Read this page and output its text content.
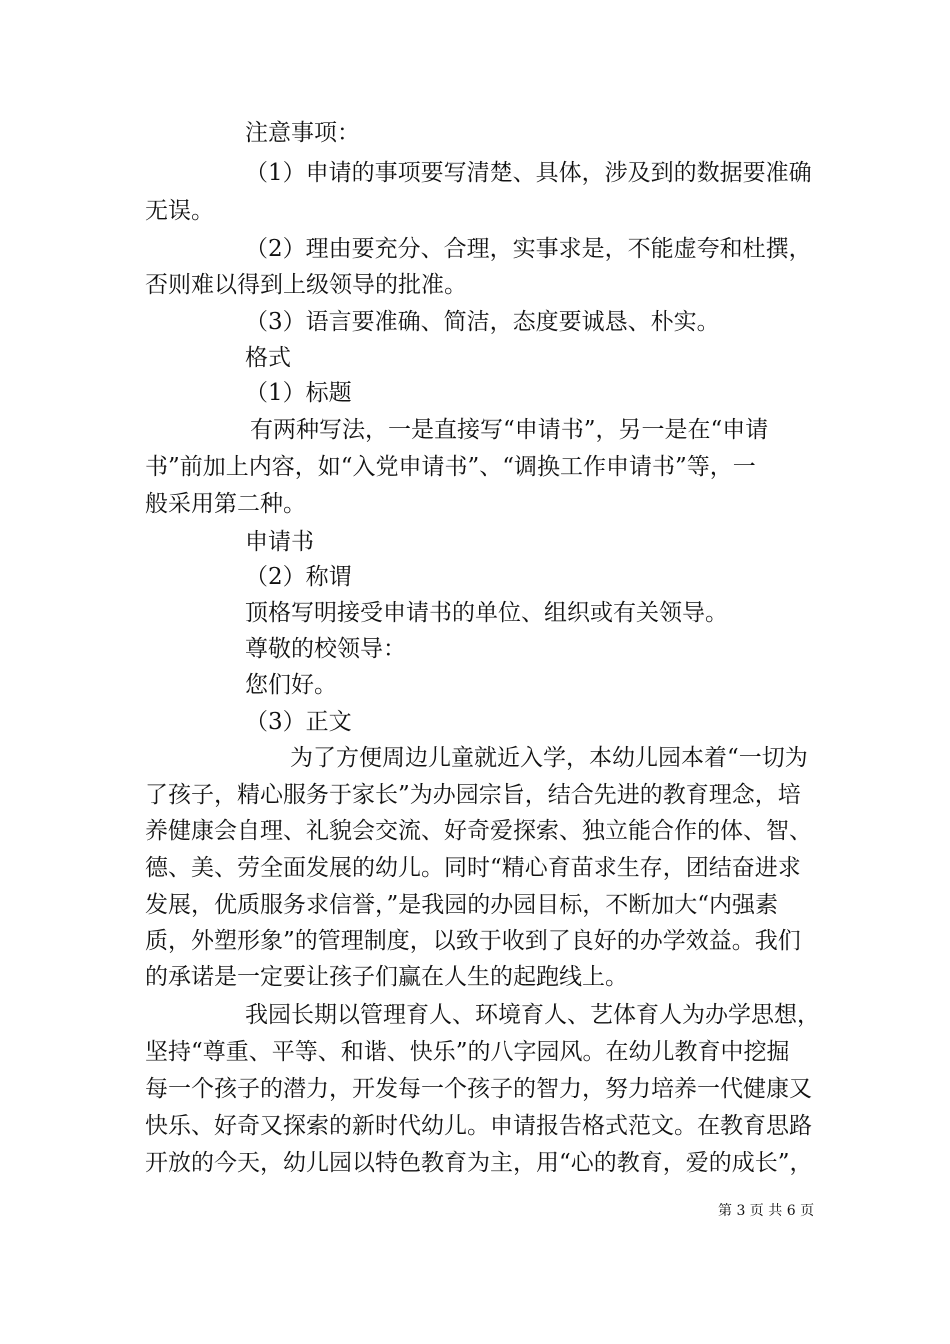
注意事项：

（1）申请的事项要写清楚、具体，涉及到的数据要准确

无误。

（2）理由要充分、合理，实事求是，不能虚夸和杜撰，

否则难以得到上级领导的批准。

（3）语言要准确、简洁，态度要诚恳、朴实。

格式

（1）标题

有两种写法，一是直接写“申请书”，另一是在“申请

书”前加上内容，如“入党申请书”、“调换工作申请书”等，一

般采用第二种。

申请书

（2）称谓

顶格写明接受申请书的单位、组织或有关领导。

尊敬的校领导：

您们好。

（3）正文

为了方便周边儿童就近入学，本幼儿园本着“一切为

了孩子，精心服务于家长”为办园宗旨，结合先进的教育理念，培

养健康会自理、礼貌会交流、好奇爱探索、独立能合作的体、智、

德、美、劳全面发展的幼儿。同时“精心育苗求生存，团结奋进求

发展，优质服务求信誉，”是我园的办园目标，不断加大“内强素

质，外塑形象”的管理制度，以致于收到了良好的办学效益。我们

的承诺是一定要让孩子们赢在人生的起跑线上。

我园长期以管理育人、环境育人、艺体育人为办学思想，

坚持“尊重、平等、和谐、快乐”的八字园风。在幼儿教育中挖掘

每一个孩子的潜力，开发每一个孩子的智力，努力培养一代健康又

快乐、好奇又探索的新时代幼儿。申请报告格式范文。在教育思路

开放的今天，幼儿园以特色教育为主，用“心的教育，爱的成长”，

第 3 页 共 6 页
